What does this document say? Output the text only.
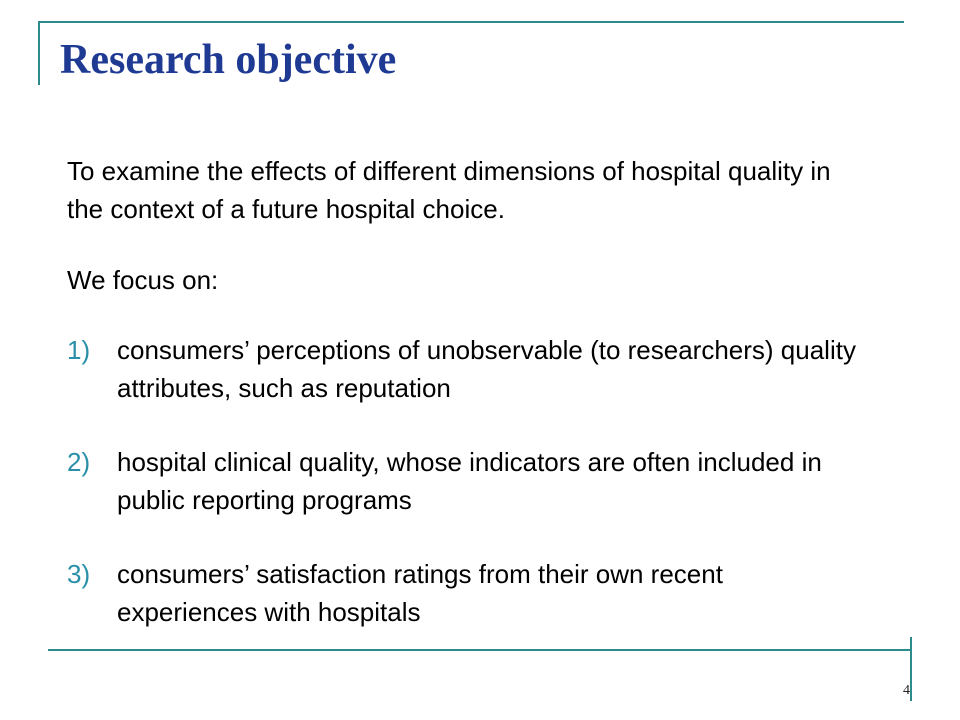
Research objective
To examine the effects of different dimensions of hospital quality in the context of a future hospital choice.
We focus on:
1) consumers’ perceptions of unobservable (to researchers) quality attributes, such as reputation
2) hospital clinical quality, whose indicators are often included in public reporting programs
3) consumers’ satisfaction ratings from their own recent experiences with hospitals
4
